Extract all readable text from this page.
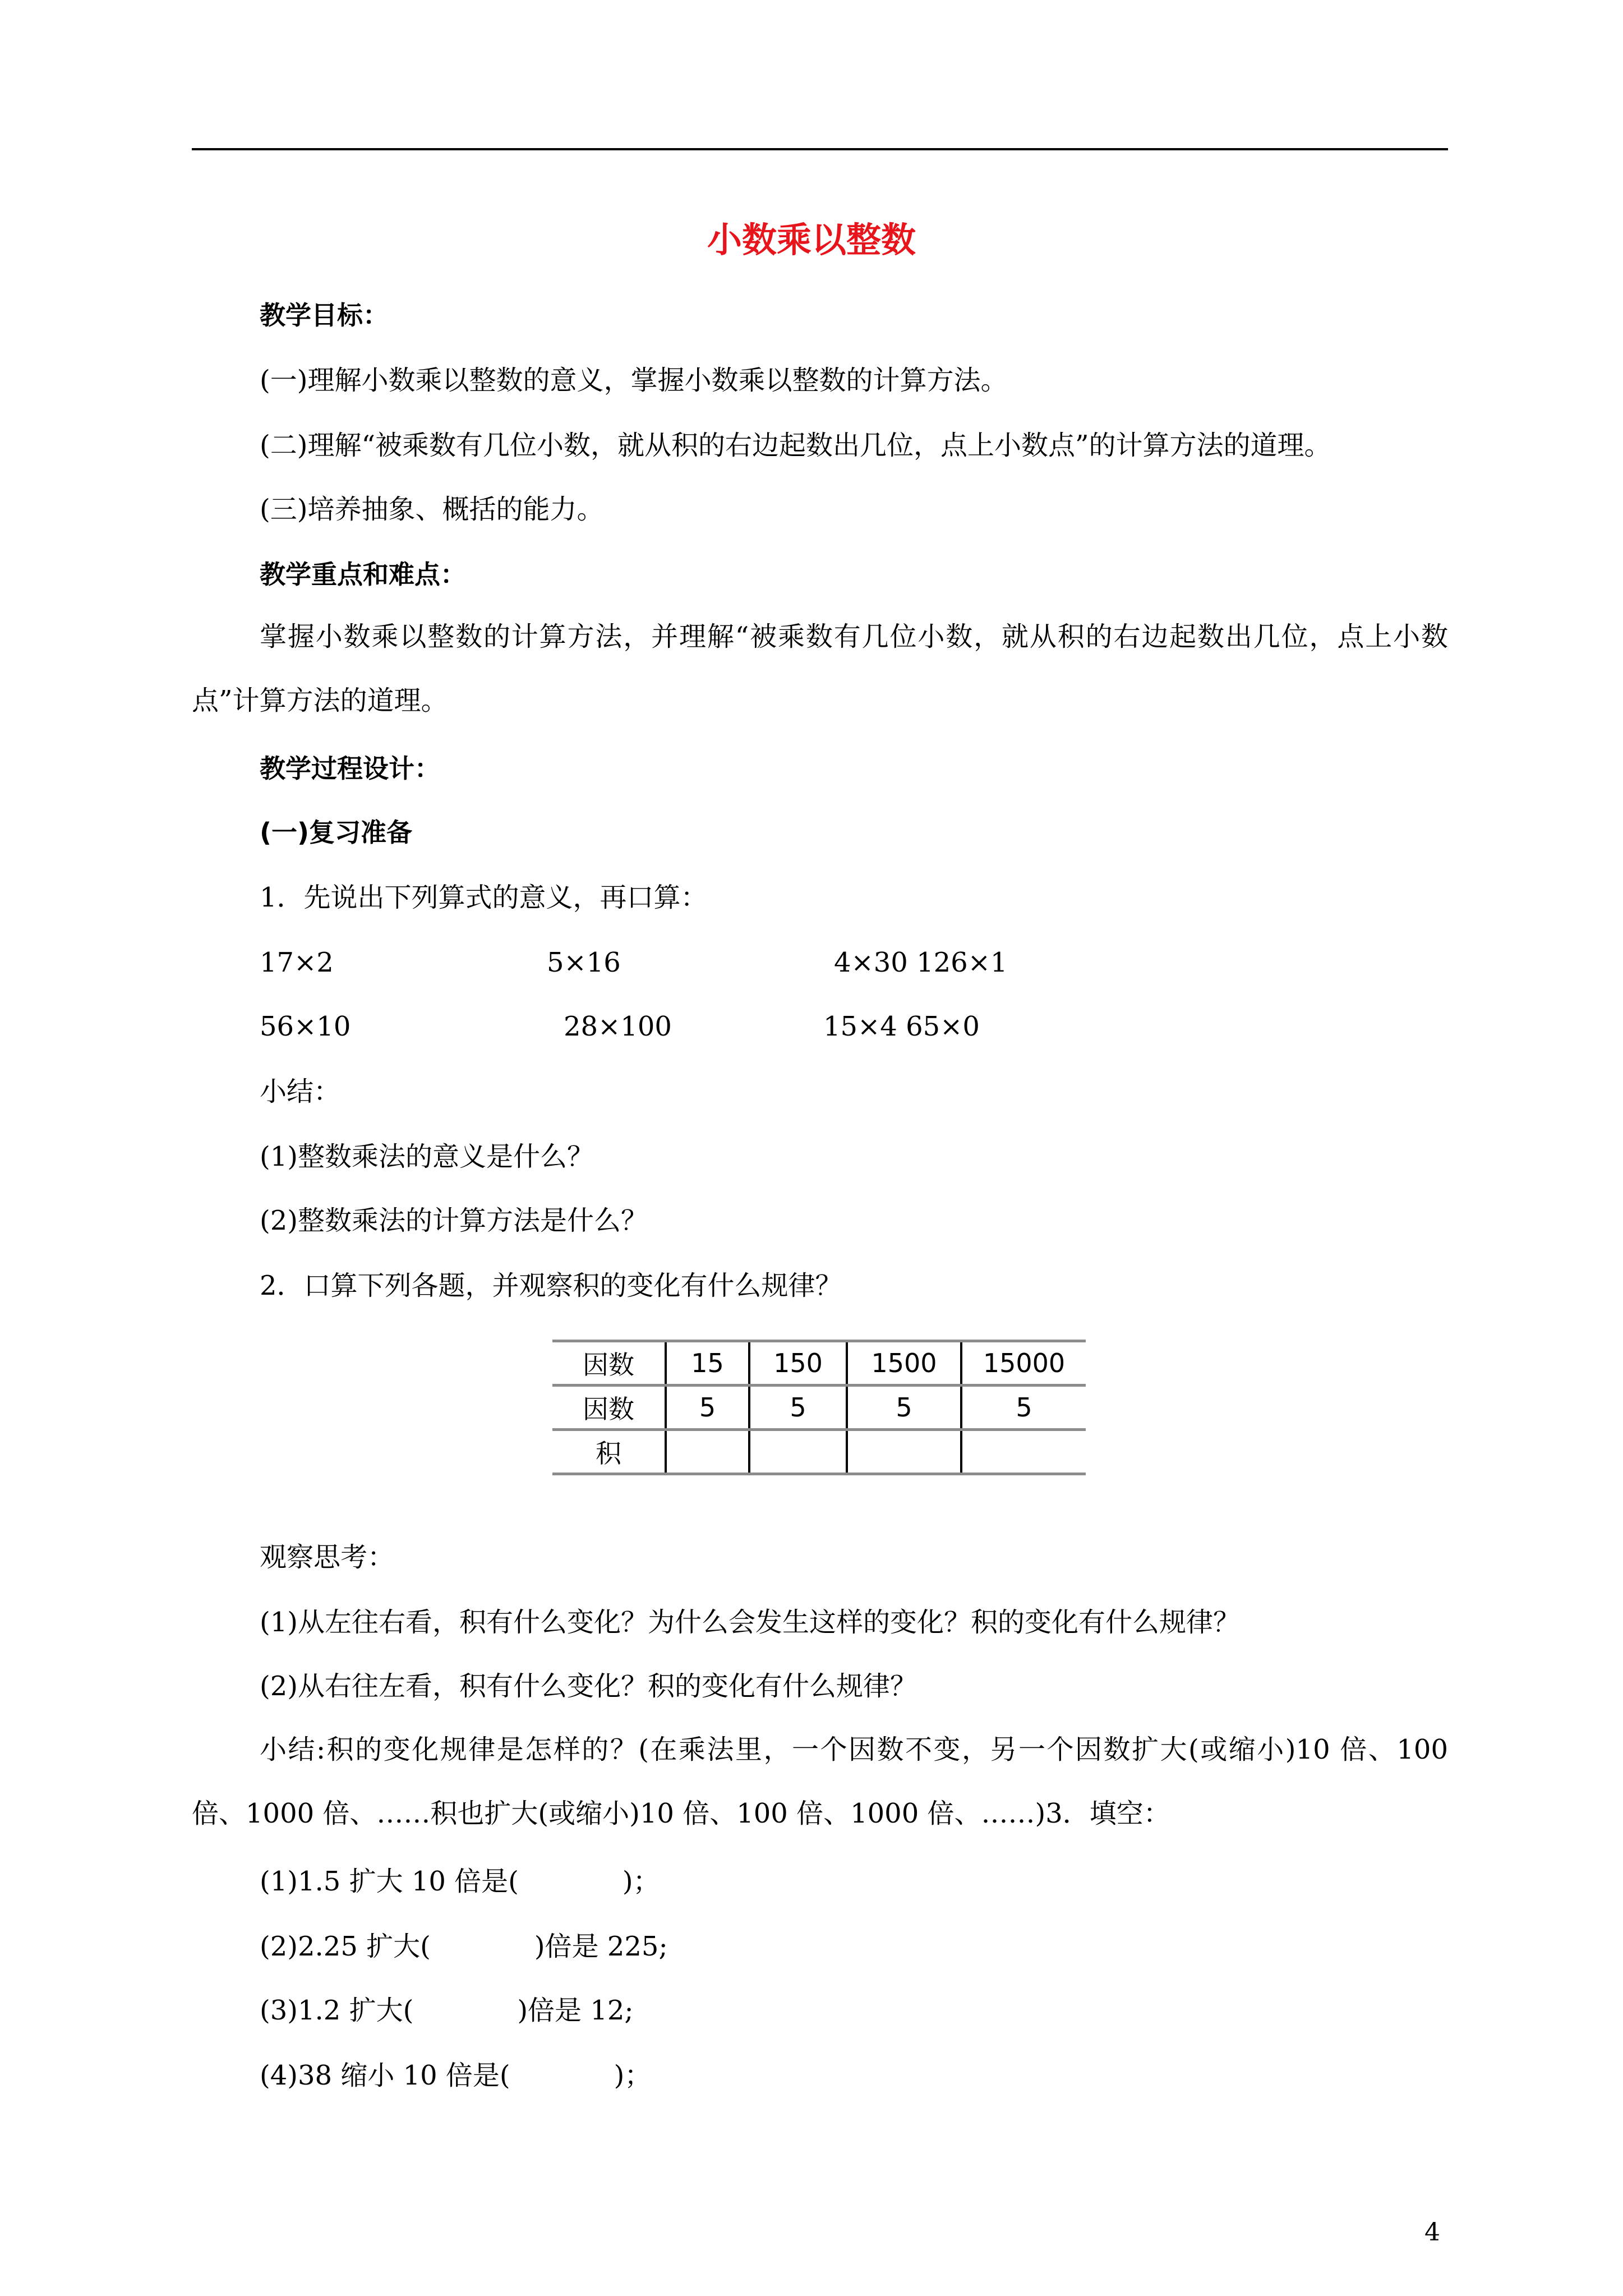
小数乘以整数
教学目标：
(一)理解小数乘以整数的意义，掌握小数乘以整数的计算方法。
(二)理解“被乘数有几位小数，就从积的右边起数出几位，点上小数点”的计算方法的道理。
(三)培养抽象、概括的能力。
教学重点和难点：
掌握小数乘以整数的计算方法，并理解“被乘数有几位小数，就从积的右边起数出几位，点上小数点”计算方法的道理。
教学过程设计：
(一)复习准备
1．先说出下列算式的意义，再口算：
17×2	5×16	4×30 126×1
56×10	28×100	15×4 65×0
小结：
(1)整数乘法的意义是什么？
(2)整数乘法的计算方法是什么？
2．口算下列各题，并观察积的变化有什么规律？
因数	15	150	1500	15000
因数	5	5	5	5
积				
观察思考：
(1)从左往右看，积有什么变化？为什么会发生这样的变化？积的变化有什么规律？
(2)从右往左看，积有什么变化？积的变化有什么规律？
小结:积的变化规律是怎样的？(在乘法里，一个因数不变，另一个因数扩大(或缩小)10 倍、100 倍、1000 倍、……积也扩大(或缩小)10 倍、100 倍、1000 倍、……)3．填空：
(1)1.5 扩大 10 倍是(	)；
(2)2.25 扩大(	)倍是 225;
(3)1.2 扩大(	)倍是 12;
(4)38 缩小 10 倍是(	)；
4
